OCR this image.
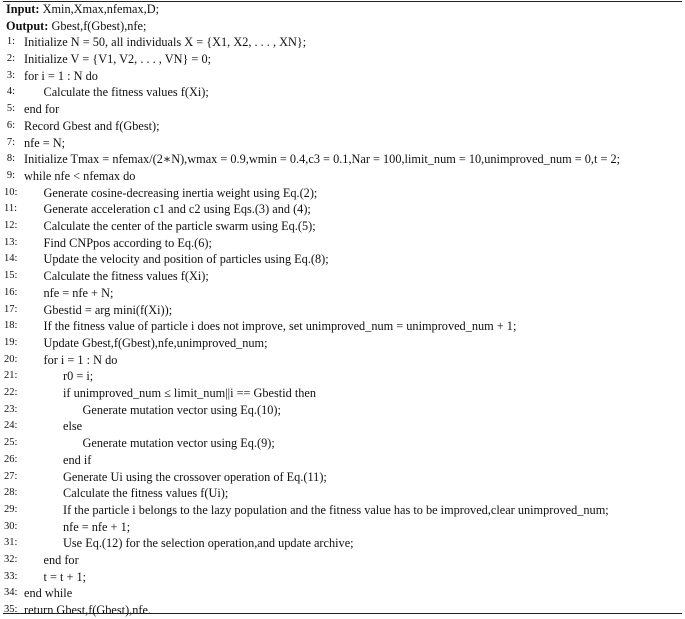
Input: Xmin,Xmax,nfemax,D;
Output: Gbest,f(Gbest),nfe;
1: Initialize N = 50, all individuals X = {X1, X2, . . . , XN};
2: Initialize V = {V1, V2, . . . , VN} = 0;
3: for i = 1 : N do
4: Calculate the fitness values f(Xi);
5: end for
6: Record Gbest and f(Gbest);
7: nfe = N;
8: Initialize Tmax = nfemax/(2∗N),wmax = 0.9,wmin = 0.4,c3 = 0.1,Nar = 100,limit_num = 10,unimproved_num = 0,t = 2;
9: while nfe < nfemax do
10: Generate cosine-decreasing inertia weight using Eq.(2);
11: Generate acceleration c1 and c2 using Eqs.(3) and (4);
12: Calculate the center of the particle swarm using Eq.(5);
13: Find CNPpos according to Eq.(6);
14: Update the velocity and position of particles using Eq.(8);
15: Calculate the fitness values f(Xi);
16: nfe = nfe + N;
17: Gbestid = arg mini(f(Xi));
18: If the fitness value of particle i does not improve, set unimproved_num = unimproved_num + 1;
19: Update Gbest,f(Gbest),nfe,unimproved_num;
20: for i = 1 : N do
21:	r0 = i;
22:	if unimproved_num ≤ limit_num||i == Gbestid then
23:	Generate mutation vector using Eq.(10);
24:	else
25:	Generate mutation vector using Eq.(9);
26:	end if
27:	Generate Ui using the crossover operation of Eq.(11);
28:	Calculate the fitness values f(Ui);
29:	If the particle i belongs to the lazy population and the fitness value has to be improved,clear unimproved_num;
30:	nfe = nfe + 1;
31:	Use Eq.(12) for the selection operation,and update archive;
32: end for
33: t = t + 1;
34: end while
35: return Gbest,f(Gbest),nfe.
